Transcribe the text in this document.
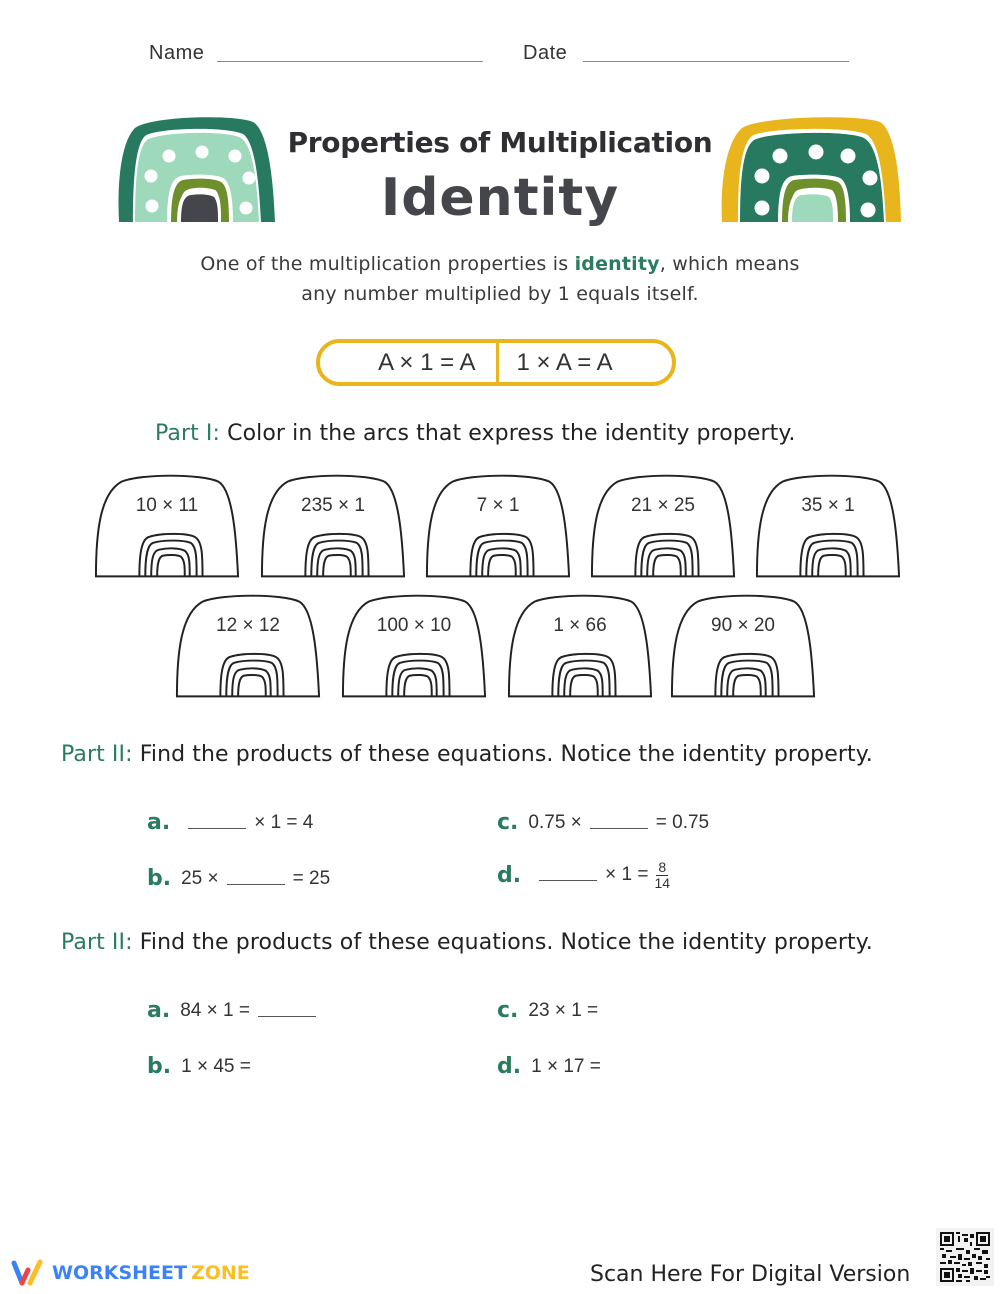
Name	Date
Properties of Multiplication
Identity
One of the multiplication properties is identity, which means
any number multiplied by 1 equals itself.
A × 1 = A	1 × A = A
Part I: Color in the arcs that express the identity property.
10 × 11	235 × 1	7 × 1	21 × 25	35 × 1
12 × 12	100 × 10	1 × 66	90 × 20
Part II: Find the products of these equations. Notice the identity property.
a.	× 1 = 4
b. 25 ×	= 25
c. 0.75 ×	= 0.75
d.	× $1 = \frac{8}{14}$
Part II: Find the products of these equations. Notice the identity property.
a. 84 × 1 =
b. 1 × 45 =
c. 23 × 1 =
d. 1 × 17 =
WORKSHEET ZONE	Scan Here For Digital Version
